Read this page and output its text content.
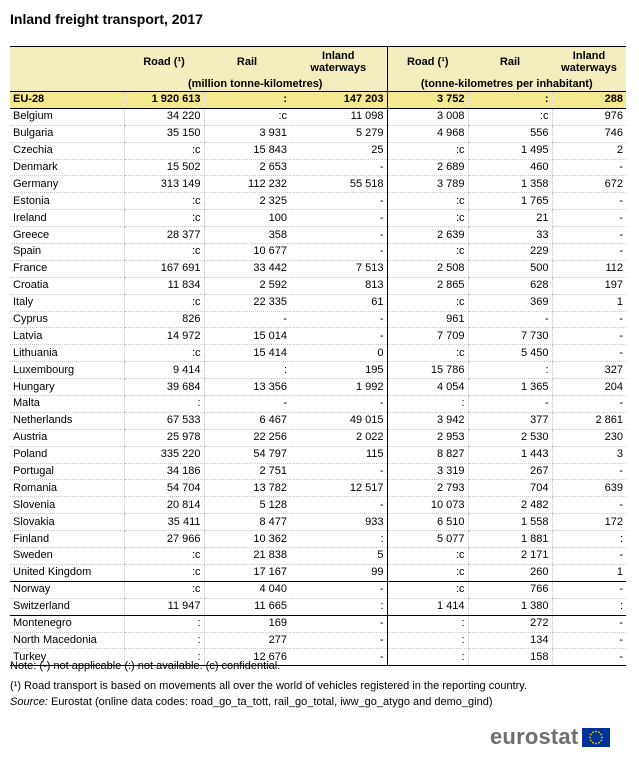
Inland freight transport, 2017
	Road (¹)	Rail	Inland waterways	Road (¹)	Rail	Inland waterways
	(million tonne-kilometres)			(tonne-kilometres per inhabitant)		
EU-28	1 920 613	:	147 203	3 752	:	288
Belgium	34 220	:c	11 098	3 008	:c	976
Bulgaria	35 150	3 931	5 279	4 968	556	746
Czechia	:c	15 843	25	:c	1 495	2
Denmark	15 502	2 653	-	2 689	460	-
Germany	313 149	112 232	55 518	3 789	1 358	672
Estonia	:c	2 325	-	:c	1 765	-
Ireland	:c	100	-	:c	21	-
Greece	28 377	358	-	2 639	33	-
Spain	:c	10 677	-	:c	229	-
France	167 691	33 442	7 513	2 508	500	112
Croatia	11 834	2 592	813	2 865	628	197
Italy	:c	22 335	61	:c	369	1
Cyprus	826	-	-	961	-	-
Latvia	14 972	15 014	-	7 709	7 730	-
Lithuania	:c	15 414	0	:c	5 450	-
Luxembourg	9 414	:	195	15 786	:	327
Hungary	39 684	13 356	1 992	4 054	1 365	204
Malta	:	-	-	:	-	-
Netherlands	67 533	6 467	49 015	3 942	377	2 861
Austria	25 978	22 256	2 022	2 953	2 530	230
Poland	335 220	54 797	115	8 827	1 443	3
Portugal	34 186	2 751	-	3 319	267	-
Romania	54 704	13 782	12 517	2 793	704	639
Slovenia	20 814	5 128	-	10 073	2 482	-
Slovakia	35 411	8 477	933	6 510	1 558	172
Finland	27 966	10 362	:	5 077	1 881	:
Sweden	:c	21 838	5	:c	2 171	-
United Kingdom	:c	17 167	99	:c	260	1
Norway	:c	4 040	-	:c	766	-
Switzerland	11 947	11 665	:	1 414	1 380	:
Montenegro	:	169	-	:	272	-
North Macedonia	:	277	-	:	134	-
Turkey	:	12 676	-	:	158	-
Note: (-) not applicable (:) not available. (c) confidential.
(¹) Road transport is based on movements all over the world of vehicles registered in the reporting country.
Source: Eurostat (online data codes: road_go_ta_tott, rail_go_total, iww_go_atygo and demo_gind)
eurostat
